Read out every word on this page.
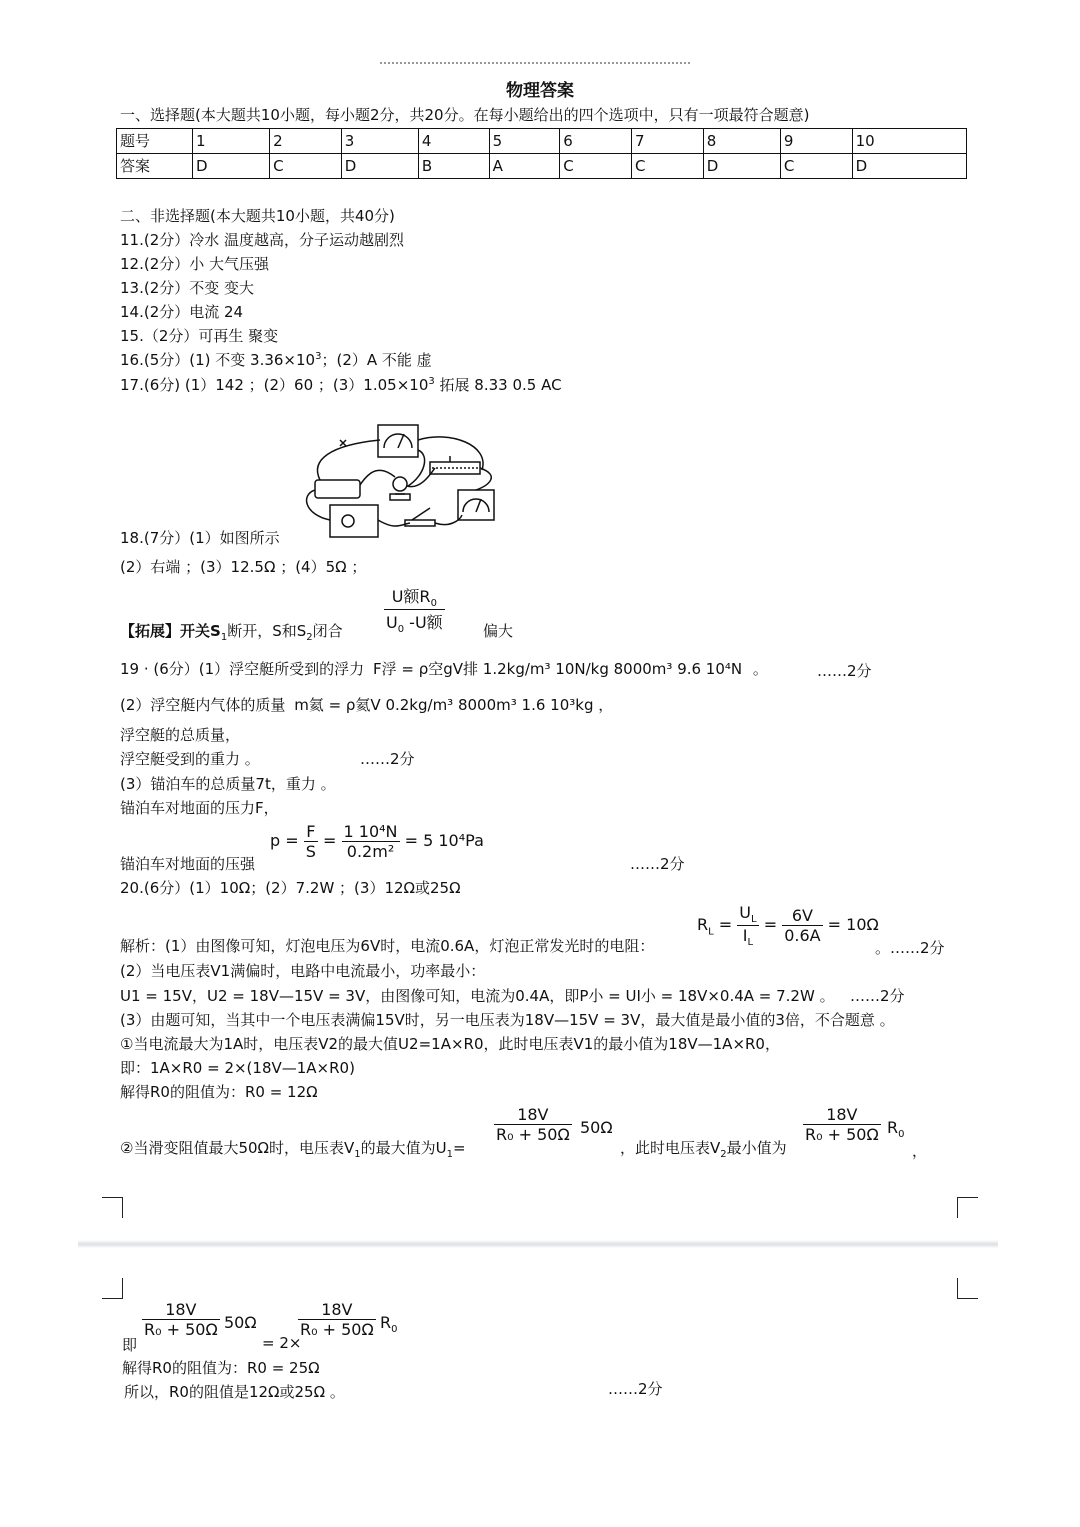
物理答案
一、选择题(本大题共10小题，每小题2分，共20分。在每小题给出的四个选项中，只有一项最符合题意)
题号	1	2	3	4	5	6	7	8	9	10
答案	D	C	D	B	A	C	C	D	C	D
二、非选择题(本大题共10小题，共40分)
11.(2分）冷水 温度越高，分子运动越剧烈
12.(2分）小 大气压强
13.(2分）不变 变大
14.(2分）电流 24
15.（2分）可再生 聚变
16.(5分）(1) 不变 $3.36\times 10^3$；(2）A 不能 虚
17.(6分) (1）142 ；(2）60 ；$(3)1.05\times 10^3$ 拓展 8.33 0.5 AC
18.(7分）(1）如图所示
(2）右端 ；(3）12.5Ω ；(4）5Ω ；
【拓展】开关$S_1$断开，S和$S_2$闭合	$\frac{U额R_0}{U_0 -U额}$	偏大
19 · (6分）(1）浮空艇所受到的浮力 F浮 = ρ空gV排 1.2kg/m³ 10N/kg 8000m³ 9.6 10⁴N 。	……2分
(2）浮空艇内气体的质量 m氦 = ρ氦V 0.2kg/m³ 8000m³ 1.6 10³kg ，
浮空艇的总质量，
浮空艇受到的重力 。	……2分
(3）锚泊车的总质量7t，重力 。
锚泊车对地面的压力F，
锚泊车对地面的压强
$p = \frac{F}{S} = \frac{\text{1 10⁴N}}{\text{0.2m²}} = 5$ 10⁴Pa
……2分
20.(6分）(1）10Ω；(2）7.2W ；(3）12Ω或25Ω
$R_L = \frac{U_L}{I_L} = \frac{6V}{0.6A} = 10\Omega$
解析：(1）由图像可知，灯泡电压为6V时，电流0.6A，灯泡正常发光时的电阻：	。……2分
(2）当电压表V1满偏时，电路中电流最小，功率最小：
U1 = 15V，U2 = 18V—15V = 3V，由图像可知，电流为0.4A，即P小 = UI小 = 18V×0.4A = 7.2W 。 ……2分
(3）由题可知，当其中一个电压表满偏15V时，另一电压表为18V—15V = 3V，最大值是最小值的3倍，不合题意 。
①当电流最大为1A时，电压表V2的最大值U2=1A×R0，此时电压表V1的最小值为18V—1A×R0，
即：1A×R0 = 2×(18V—1A×R0)
解得R0的阻值为：R0 = 12Ω
②当滑变阻值最大50Ω时，电压表$V_1$的最大值为$U_1=$
$\frac{18V}{\text{R₀ + 50Ω}} 50\Omega$
，此时电压表$V_2$最小值为
$\frac{18V}{\text{R₀ + 50Ω}} R_0$
，
即
$\frac{18V}{\text{R₀ + 50Ω}} 50\Omega$
= 2×
$\frac{18V}{\text{R₀ + 50Ω}} R_0$
解得R0的阻值为：R0 = 25Ω
所以，R0的阻值是12Ω或25Ω 。	……2分
